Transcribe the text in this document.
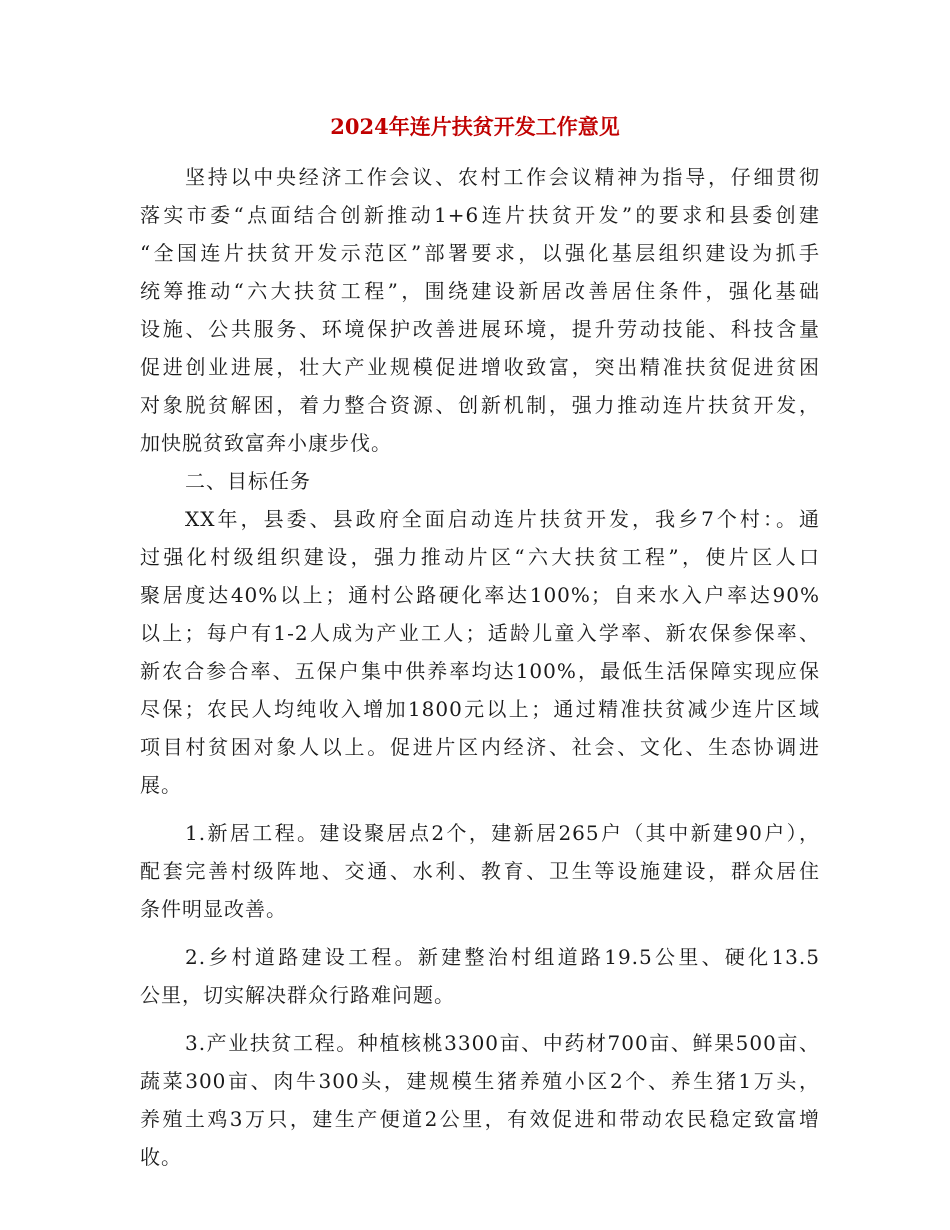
2024年连片扶贫开发工作意见
坚持以中央经济工作会议、农村工作会议精神为指导，仔细贯彻
落实市委“点面结合创新推动1+6连片扶贫开发”的要求和县委创建
“全国连片扶贫开发示范区”部署要求，以强化基层组织建设为抓手
统筹推动“六大扶贫工程”，围绕建设新居改善居住条件，强化基础
设施、公共服务、环境保护改善进展环境，提升劳动技能、科技含量
促进创业进展，壮大产业规模促进增收致富，突出精准扶贫促进贫困
对象脱贫解困，着力整合资源、创新机制，强力推动连片扶贫开发，
加快脱贫致富奔小康步伐。
二、目标任务
XX年，县委、县政府全面启动连片扶贫开发，我乡7个村：。通
过强化村级组织建设，强力推动片区“六大扶贫工程”，使片区人口
聚居度达40%以上；通村公路硬化率达100%；自来水入户率达90%
以上；每户有1-2人成为产业工人；适龄儿童入学率、新农保参保率、
新农合参合率、五保户集中供养率均达100%，最低生活保障实现应保
尽保；农民人均纯收入增加1800元以上；通过精准扶贫减少连片区域
项目村贫困对象人以上。促进片区内经济、社会、文化、生态协调进
展。
1.新居工程。建设聚居点2个，建新居265户（其中新建90户），
配套完善村级阵地、交通、水利、教育、卫生等设施建设，群众居住
条件明显改善。
2.乡村道路建设工程。新建整治村组道路19.5公里、硬化13.5
公里，切实解决群众行路难问题。
3.产业扶贫工程。种植核桃3300亩、中药材700亩、鲜果500亩、
蔬菜300亩、肉牛300头，建规模生猪养殖小区2个、养生猪1万头，
养殖土鸡3万只，建生产便道2公里，有效促进和带动农民稳定致富增
收。
